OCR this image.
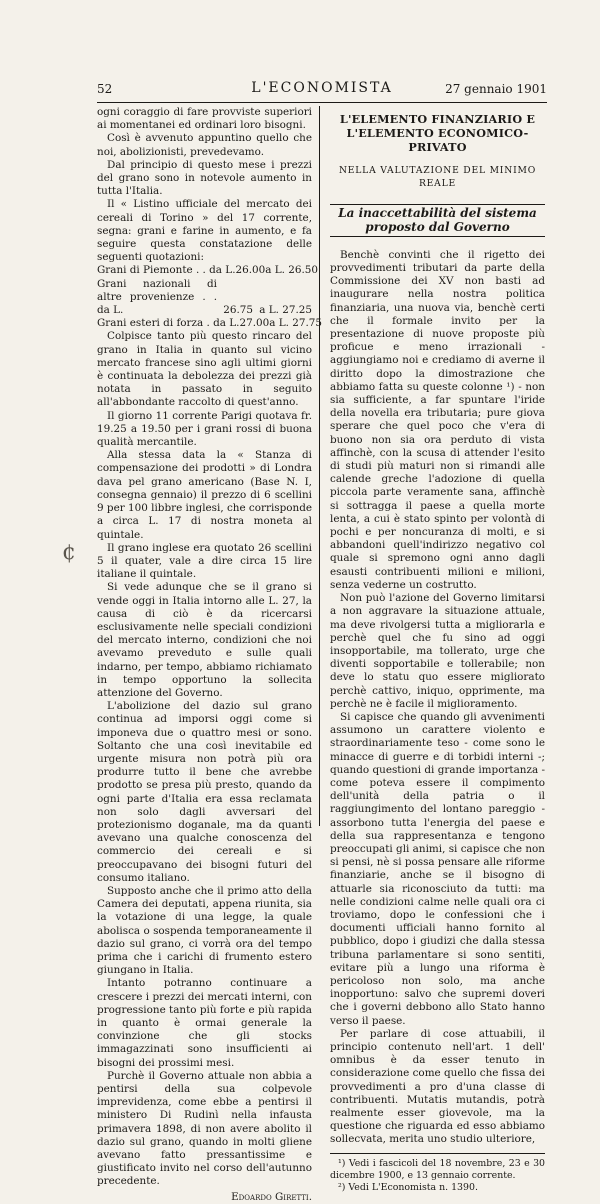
52	L'ECONOMISTA	27 gennaio 1901
¢

ogni coraggio di fare provviste superiori ai momentanei ed ordinari loro bisogni.

Così è avvenuto appuntino quello che noi, abolizionisti, prevedevamo.

Dal principio di questo mese i prezzi del grano sono in notevole aumento in tutta l'Italia.

Il « Listino ufficiale del mercato dei cereali di Torino » del 17 corrente, segna: grani e farine in aumento, e fa seguire questa constatazione delle seguenti quotazioni:

Grani di Piemonte . . da L. 26.00 a L. 26.50
Grani nazionali di altre provenienze . . da L.	26.75 a L. 27.25
Grani esteri di forza . da L. 27.00 a L. 27.75

Colpisce tanto più questo rincaro del grano in Italia in quanto sul vicino mercato francese sino agli ultimi giorni è continuata la debolezza dei prezzi già notata in passato in seguito all'abbondante raccolto di quest'anno.

Il giorno 11 corrente Parigi quotava fr. 19.25 a 19.50 per i grani rossi di buona qualità mercantile.

Alla stessa data la « Stanza di compensazione dei prodotti » di Londra dava pel grano americano (Base N. I, consegna gennaio) il prezzo di 6 scellini 9 per 100 libbre inglesi, che corrisponde a circa L. 17 di nostra moneta al quintale.

Il grano inglese era quotato 26 scellini 5 il quater, vale a dire circa 15 lire italiane il quintale.

Si vede adunque che se il grano si vende oggi in Italia intorno alle L. 27, la causa di ciò è da ricercarsi esclusivamente nelle speciali condizioni del mercato interno, condizioni che noi avevamo preveduto e sulle quali indarno, per tempo, abbiamo richiamato in tempo opportuno la sollecita attenzione del Governo.

L'abolizione del dazio sul grano continua ad imporsi oggi come si imponeva due o quattro mesi or sono. Soltanto che una così inevitabile ed urgente misura non potrà più ora produrre tutto il bene che avrebbe prodotto se presa più presto, quando da ogni parte d'Italia era essa reclamata non solo dagli avversari del protezionismo doganale, ma da quanti avevano una qualche conoscenza del commercio dei cereali e si preoccupavano dei bisogni futuri del consumo italiano.

Supposto anche che il primo atto della Camera dei deputati, appena riunita, sia la votazione di una legge, la quale abolisca o sospenda temporaneamente il dazio sul grano, ci vorrà ora del tempo prima che i carichi di frumento estero giungano in Italia.

Intanto potranno continuare a crescere i prezzi dei mercati interni, con progressione tanto più forte e più rapida in quanto è ormai generale la convinzione che gli stocks immagazzinati sono insufficienti ai bisogni dei prossimi mesi.

Purchè il Governo attuale non abbia a pentirsi della sua colpevole imprevidenza, come ebbe a pentirsi il ministero Di Rudinì nella infausta primavera 1898, di non avere abolito il dazio sul grano, quando in molti gliene avevano fatto pressantissime e giustificato invito nel corso dell'autunno precedente.

Edoardo Giretti.
L'ELEMENTO FINANZIARIO E L'ELEMENTO ECONOMICO-PRIVATO
NELLA VALUTAZIONE DEL MINIMO REALE
La inaccettabilità del sistema proposto dal Governo

Benchè convinti che il rigetto dei provvedimenti tributari da parte della Commissione dei XV non basti ad inaugurare nella nostra politica finanziaria, una nuova via, benchè certi che il formale invito per la presentazione di nuove proposte più proficue e meno irrazionali - aggiungiamo noi e crediamo di averne il diritto dopo la dimostrazione che abbiamo fatta su queste colonne ¹) - non sia sufficiente, a far spuntare l'iride della novella era tributaria; pure giova sperare che quel poco che v'era di buono non sia ora perduto di vista affinchè, con la scusa di attender l'esito di studi più maturi non si rimandi alle calende greche l'adozione di quella piccola parte veramente sana, affinchè si sottragga il paese a quella morte lenta, a cui è stato spinto per volontà di pochi e per noncuranza di molti, e si abbandoni quell'indirizzo negativo col quale si spremono ogni anno dagli esausti contribuenti milioni e milioni, senza vederne un costrutto.

Non può l'azione del Governo limitarsi a non aggravare la situazione attuale, ma deve rivolgersi tutta a migliorarla e perchè quel che fu sino ad oggi insopportabile, ma tollerato, urge che diventi sopportabile e tollerabile; non deve lo statu quo essere migliorato perchè cattivo, iniquo, opprimente, ma perchè ne è facile il miglioramento.

Si capisce che quando gli avvenimenti assumono un carattere violento e straordinariamente teso - come sono le minacce di guerre e di torbidi interni -; quando questioni di grande importanza - come poteva essere il compimento dell'unità della patria o il raggiungimento del lontano pareggio - assorbono tutta l'energia del paese e della sua rappresentanza e tengono preoccupati gli animi, si capisce che non si pensi, nè si possa pensare alle riforme finanziarie, anche se il bisogno di attuarle sia riconosciuto da tutti: ma nelle condizioni calme nelle quali ora ci troviamo, dopo le confessioni che i documenti ufficiali hanno fornito al pubblico, dopo i giudizi che dalla stessa tribuna parlamentare si sono sentiti, evitare più a lungo una riforma è pericoloso non solo, ma anche inopportuno: salvo che supremi doveri che i governi debbono allo Stato hanno verso il paese.

Per parlare di cose attuabili, il principio contenuto nell'art. 1 dell' omnibus è da esser tenuto in considerazione come quello che fissa dei provvedimenti a pro d'una classe di contribuenti. Mutatis mutandis, potrà realmente esser giovevole, ma la questione che riguarda ed esso abbiamo sollecvata, merita uno studio ulteriore,

¹) Vedi i fascicoli del 18 novembre, 23 e 30 dicembre 1900, e 13 gennaio corrente.

²) Vedi L'Economista n. 1390.
